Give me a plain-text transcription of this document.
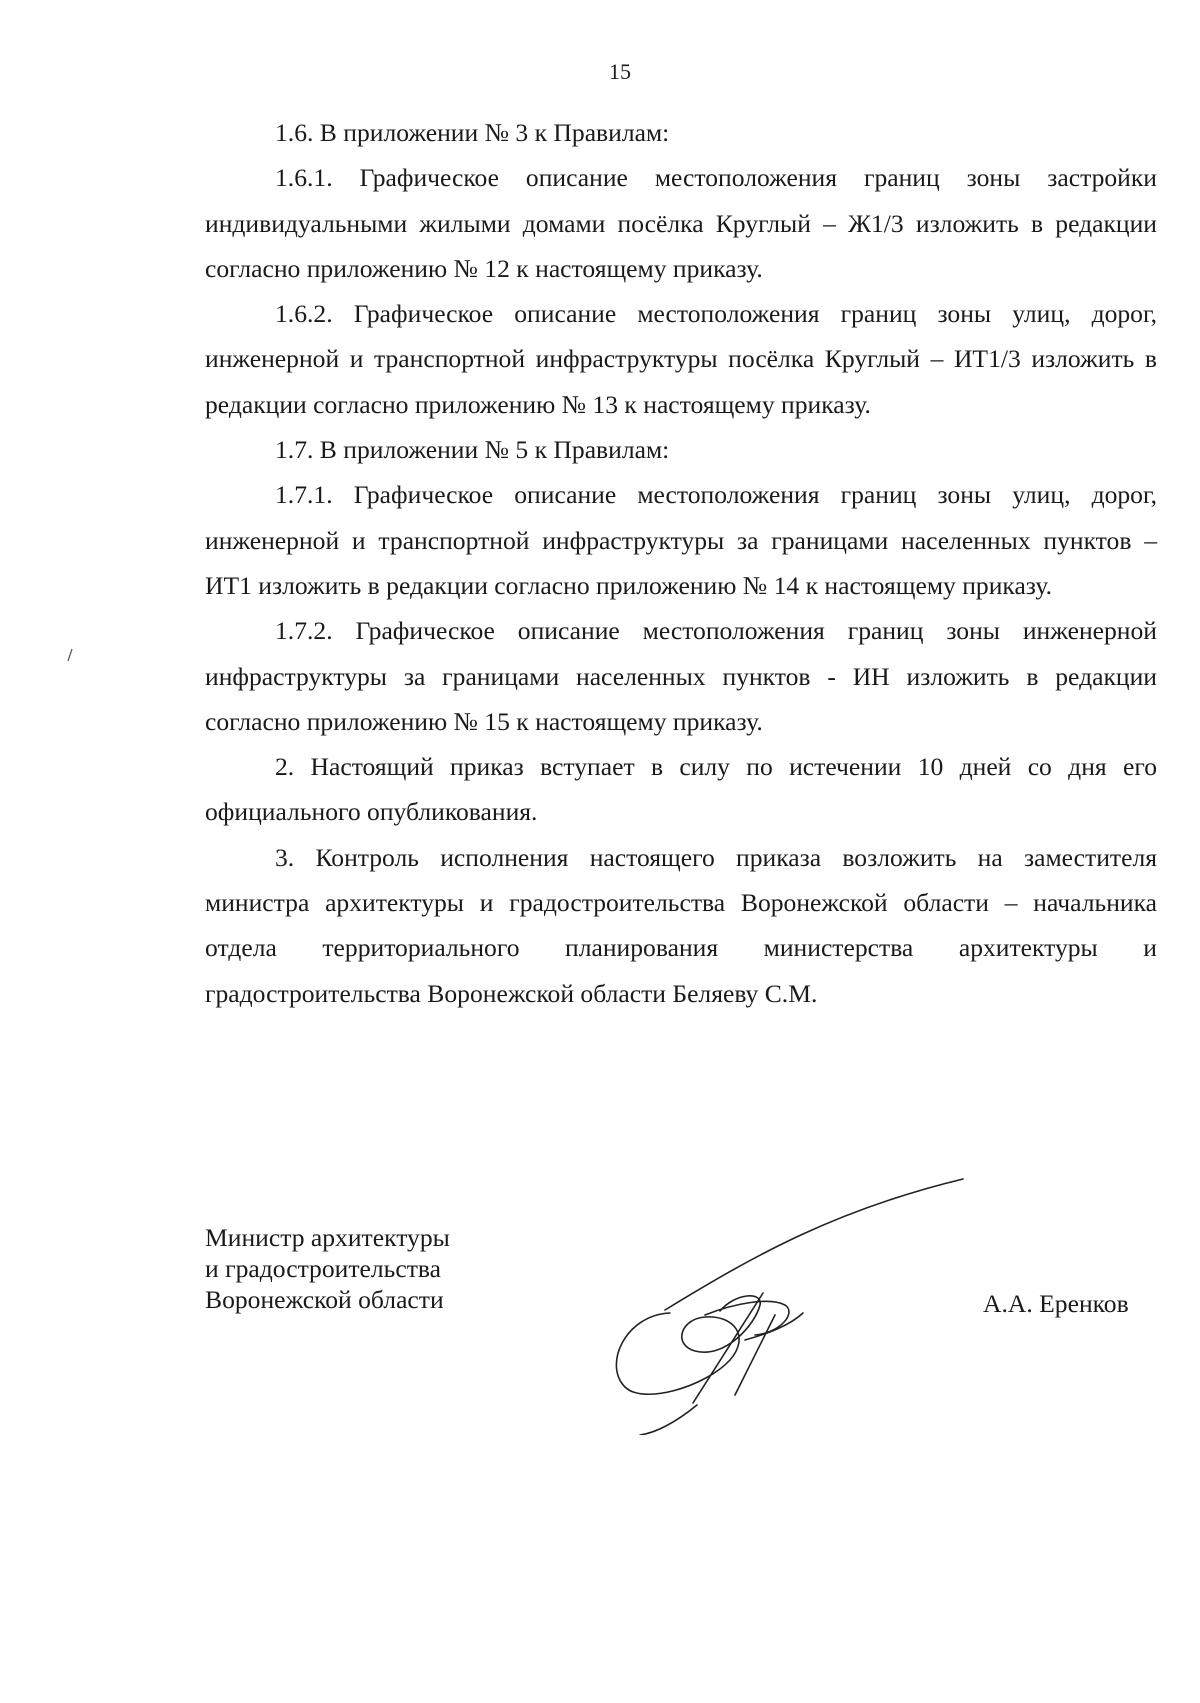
15

1.6. В приложении № 3 к Правилам:

1.6.1. Графическое описание местоположения границ зоны застройки индивидуальными жилыми домами посёлка Круглый – Ж1/3 изложить в редакции согласно приложению № 12 к настоящему приказу.

1.6.2. Графическое описание местоположения границ зоны улиц, дорог, инженерной и транспортной инфраструктуры посёлка Круглый – ИТ1/3 изложить в редакции согласно приложению № 13 к настоящему приказу.

1.7. В приложении № 5 к Правилам:

1.7.1. Графическое описание местоположения границ зоны улиц, дорог, инженерной и транспортной инфраструктуры за границами населенных пунктов – ИТ1 изложить в редакции согласно приложению № 14 к настоящему приказу.

1.7.2. Графическое описание местоположения границ зоны инженерной инфраструктуры за границами населенных пунктов - ИН изложить в редакции согласно приложению № 15 к настоящему приказу.

2. Настоящий приказ вступает в силу по истечении 10 дней со дня его официального опубликования.

3. Контроль исполнения настоящего приказа возложить на заместителя министра архитектуры и градостроительства Воронежской области – начальника отдела территориального планирования министерства архитектуры и градостроительства Воронежской области Беляеву С.М.

Министр архитектуры
и градостроительства
Воронежской области	А.А. Еренков
